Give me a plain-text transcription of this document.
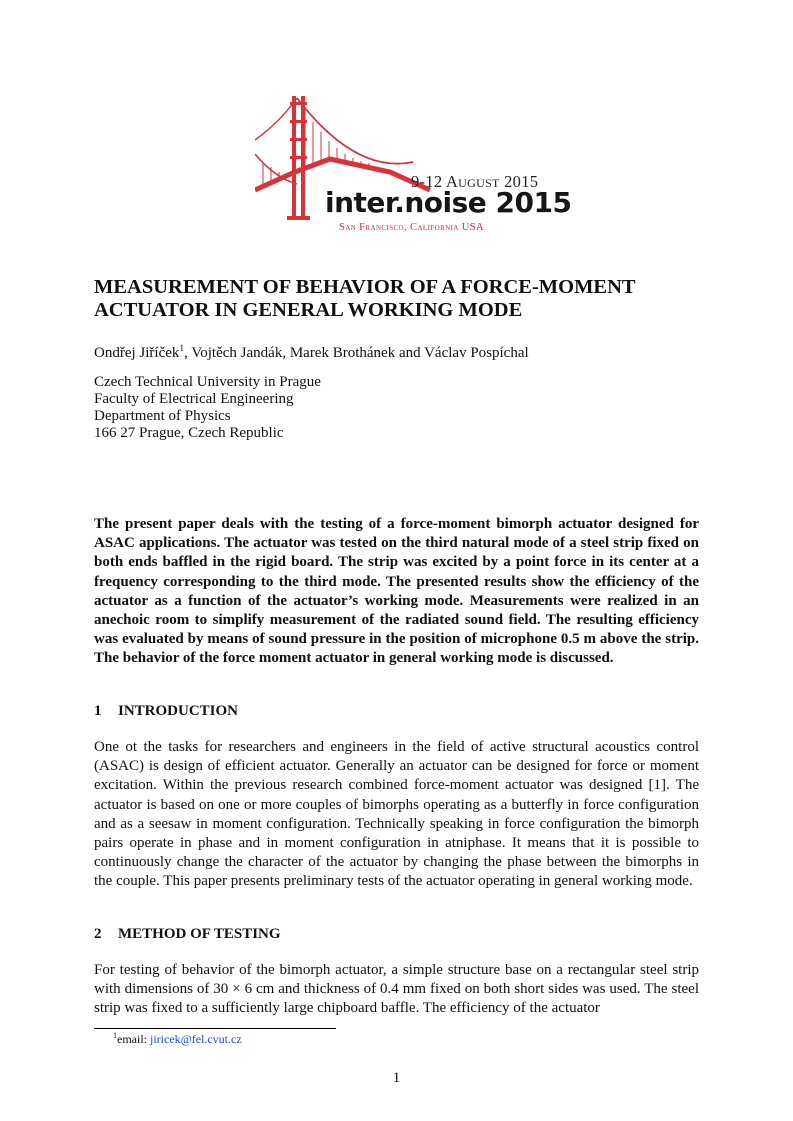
9-12 August 2015
inter.noise 2015
San Francisco, California USA
MEASUREMENT OF BEHAVIOR OF A FORCE-MOMENT ACTUATOR IN GENERAL WORKING MODE
Ondřej Jiříček$^1$, Vojtěch Jandák, Marek Brothánek and Václav Pospíchal
Czech Technical University in Prague
Faculty of Electrical Engineering
Department of Physics
166 27 Prague, Czech Republic

The present paper deals with the testing of a force-moment bimorph actuator designed for ASAC applications. The actuator was tested on the third natural mode of a steel strip fixed on both ends baffled in the rigid board. The strip was excited by a point force in its center at a frequency corresponding to the third mode. The presented results show the efficiency of the actuator as a function of the actuator’s working mode. Measurements were realized in an anechoic room to simplify measurement of the radiated sound field. The resulting efficiency was evaluated by means of sound pressure in the position of microphone 0.5 m above the strip. The behavior of the force moment actuator in general working mode is discussed.

1 INTRODUCTION

One ot the tasks for researchers and engineers in the field of active structural acoustics control (ASAC) is design of efficient actuator. Generally an actuator can be designed for force or moment excitation. Within the previous research combined force-moment actuator was designed [1]. The actuator is based on one or more couples of bimorphs operating as a butterfly in force configuration and as a seesaw in moment configuration. Technically speaking in force configuration the bimorph pairs operate in phase and in moment configuration in atniphase. It means that it is possible to continuously change the character of the actuator by changing the phase between the bimorphs in the couple. This paper presents preliminary tests of the actuator operating in general working mode.

2 METHOD OF TESTING

For testing of behavior of the bimorph actuator, a simple structure base on a rectangular steel strip with dimensions of 30 × 6 cm and thickness of 0.4 mm fixed on both short sides was used. The steel strip was fixed to a sufficiently large chipboard baffle. The efficiency of the actuator

$^1$email: jiricek@fel.cvut.cz
1
